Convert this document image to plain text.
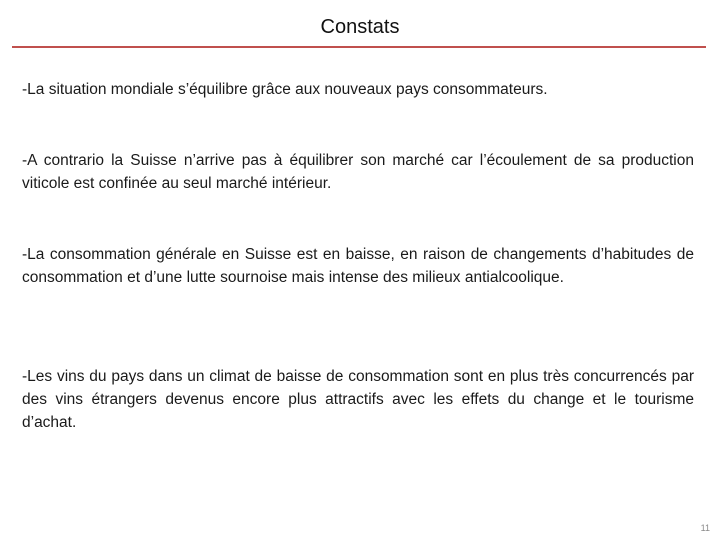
Constats

-La situation mondiale s’équilibre grâce aux nouveaux pays consommateurs.

-A contrario la Suisse n’arrive pas à équilibrer son marché car l’écoulement de sa production viticole est confinée au seul marché intérieur.

-La consommation générale en Suisse est en baisse, en raison de changements d’habitudes de consommation et d’une lutte sournoise mais intense des milieux antialcoolique.

-Les vins du pays dans un climat de baisse de consommation sont en plus très concurrencés par des vins étrangers devenus encore plus attractifs avec les effets du change et le tourisme d’achat.

11
